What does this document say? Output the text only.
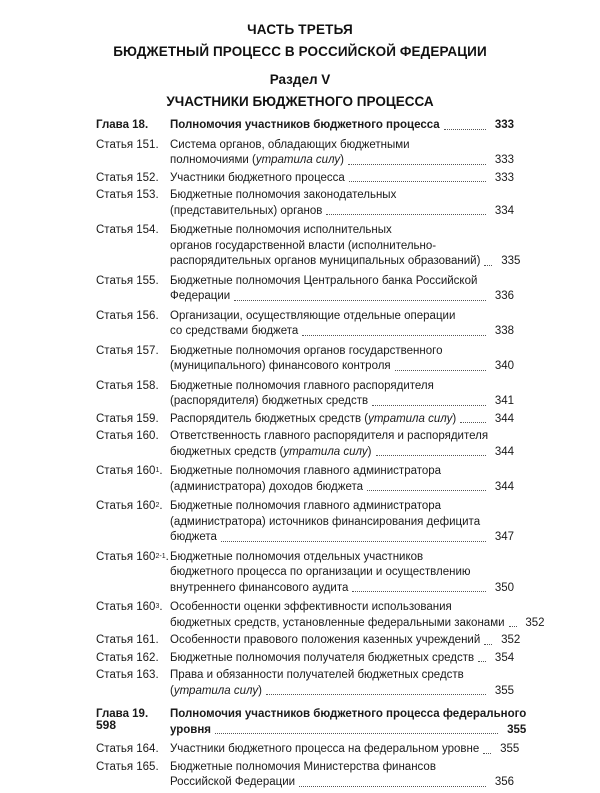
ЧАСТЬ ТРЕТЬЯ
БЮДЖЕТНЫЙ ПРОЦЕСС В РОССИЙСКОЙ ФЕДЕРАЦИИ
Раздел V
УЧАСТНИКИ БЮДЖЕТНОГО ПРОЦЕССА
Глава 18.	Полномочия участников бюджетного процесса	333
Статья 151. Система органов, обладающих бюджетными
полномочиями (утратила силу)	333
Статья 152. Участники бюджетного процесса	333
Статья 153. Бюджетные полномочия законодательных
(представительных) органов	334
Статья 154. Бюджетные полномочия исполнительных
органов государственной власти (исполнительно-
распорядительных органов муниципальных образований)	335
Статья 155. Бюджетные полномочия Центрального банка Российской
Федерации	336
Статья 156. Организации, осуществляющие отдельные операции
со средствами бюджета	338
Статья 157. Бюджетные полномочия органов государственного
(муниципального) финансового контроля	340
Статья 158. Бюджетные полномочия главного распорядителя
(распорядителя) бюджетных средств	341
Статья 159. Распорядитель бюджетных средств (утратила силу)	344
Статья 160. Ответственность главного распорядителя и распорядителя
бюджетных средств (утратила силу)	344
Статья $160^1$. Бюджетные полномочия главного администратора
(администратора) доходов бюджета	344
Статья $160^2$. Бюджетные полномочия главного администратора
(администратора) источников финансирования дефицита
бюджета	347
Статья 160$^{2-1}$. Бюджетные полномочия отдельных участников
бюджетного процесса по организации и осуществлению
внутреннего финансового аудита	350
Статья $160^3$. Особенности оценки эффективности использования
бюджетных средств, установленные федеральными законами	352
Статья 161. Особенности правового положения казенных учреждений	352
Статья 162. Бюджетные полномочия получателя бюджетных средств	354
Статья 163. Права и обязанности получателей бюджетных средств
(утратила силу)	355
Глава 19.	Полномочия участников бюджетного процесса федерального
уровня	355
Статья 164. Участники бюджетного процесса на федеральном уровне	355
Статья 165. Бюджетные полномочия Министерства финансов
Российской Федерации	356
598
